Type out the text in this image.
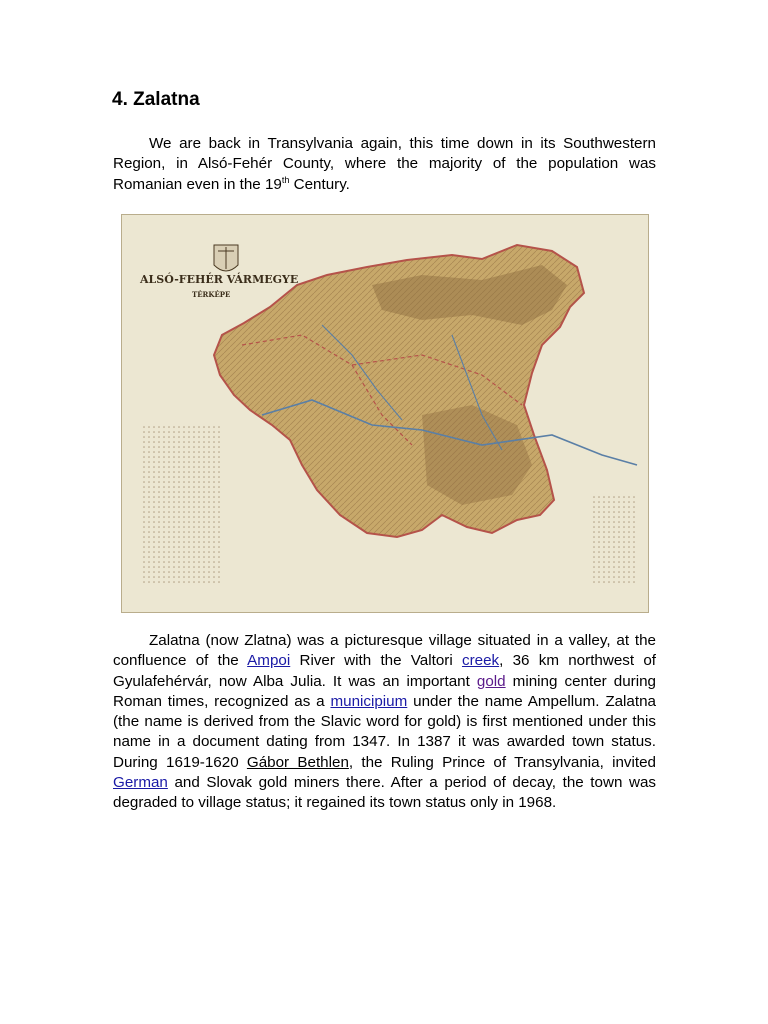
4. Zalatna

We are back in Transylvania again, this time down in its Southwestern Region, in Alsó-Fehér County, where the majority of the population was Romanian even in the 19th Century.

ALSÓ-FEHÉR VÁRMEGYE
TÉRKÉPE

Zalatna (now Zlatna) was a picturesque village situated in a valley, at the confluence of the Ampoi River with the Valtori creek, 36 km northwest of Gyulafehérvár, now Alba Julia. It was an important gold mining center during Roman times, recognized as a municipium under the name Ampellum. Zalatna (the name is derived from the Slavic word for gold) is first mentioned under this name in a document dating from 1347. In 1387 it was awarded town status. During 1619-1620 Gábor Bethlen, the Ruling Prince of Transylvania, invited German and Slovak gold miners there. After a period of decay, the town was degraded to village status; it regained its town status only in 1968.
